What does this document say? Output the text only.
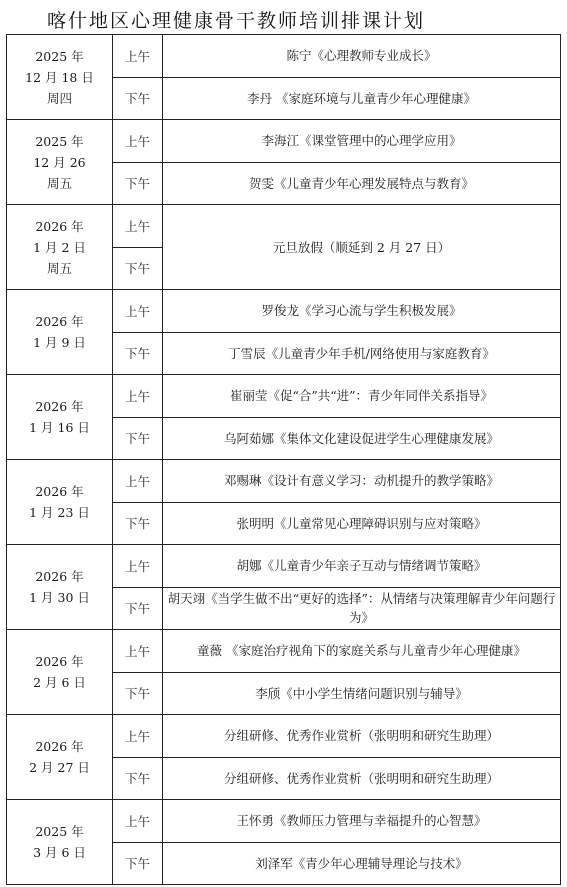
喀什地区心理健康骨干教师培训排课计划
2025 年
12 月 18 日
周四	上午	陈宁《心理教师专业成长》
	下午	李丹 《家庭环境与儿童青少年心理健康》

2025 年
12 月 26
周五	上午	李海江《课堂管理中的心理学应用》
	下午	贺雯《儿童青少年心理发展特点与教育》

2026 年
1 月 2 日
周五	上午	元旦放假（顺延到 2 月 27 日）
	下午	

2026 年
1 月 9 日	上午	罗俊龙《学习心流与学生积极发展》
	下午	丁雪辰《儿童青少年手机/网络使用与家庭教育》

2026 年
1 月 16 日	上午	崔丽莹《促“合”共“进”：青少年同伴关系指导》
	下午	乌阿茹娜《集体文化建设促进学生心理健康发展》

2026 年
1 月 23 日	上午	邓赐琳《设计有意义学习：动机提升的教学策略》
	下午	张明明《儿童常见心理障碍识别与应对策略》

2026 年
1 月 30 日	上午	胡娜《儿童青少年亲子互动与情绪调节策略》
	下午	胡天翊《当学生做不出“更好的选择”：从情绪与决策理解青少年问题行为》

2026 年
2 月 6 日	上午	童薇 《家庭治疗视角下的家庭关系与儿童青少年心理健康》
	下午	李颀《中小学生情绪问题识别与辅导》

2026 年
2 月 27 日	上午	分组研修、优秀作业赏析（张明明和研究生助理）
	下午	分组研修、优秀作业赏析（张明明和研究生助理）

2025 年
3 月 6 日	上午	王怀勇《教师压力管理与幸福提升的心智慧》
	下午	刘泽军《青少年心理辅导理论与技术》
